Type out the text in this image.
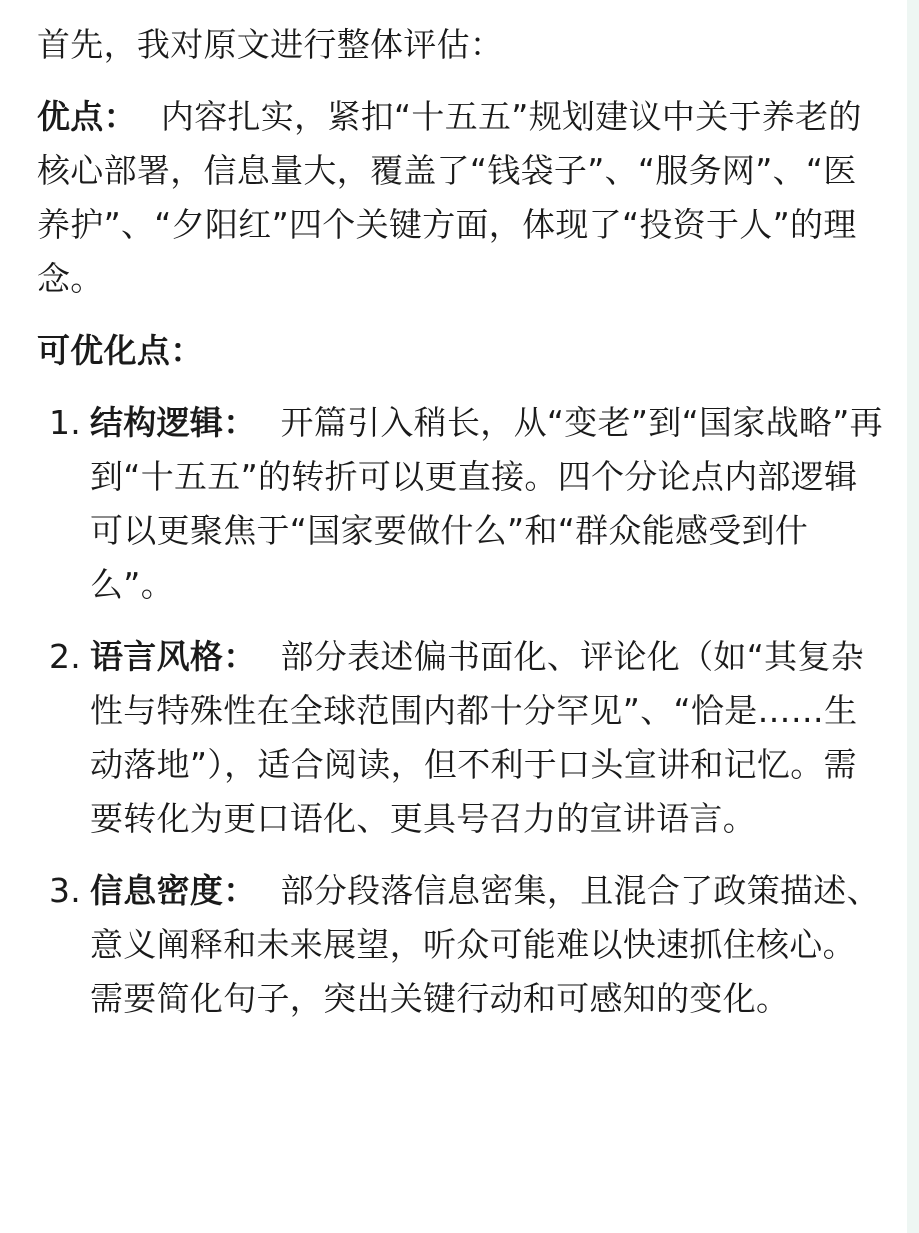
首先，我对原文进行整体评估：

优点： 内容扎实，紧扣“十五五”规划建议中关于养老的核心部署，信息量大，覆盖了“钱袋子”、“服务网”、“医养护”、“夕阳红”四个关键方面，体现了“投资于人”的理念。

可优化点：

1. 结构逻辑： 开篇引入稍长，从“变老”到“国家战略”再到“十五五”的转折可以更直接。四个分论点内部逻辑可以更聚焦于“国家要做什么”和“群众能感受到什么”。
2. 语言风格： 部分表述偏书面化、评论化（如“其复杂性与特殊性在全球范围内都十分罕见”、“恰是……生动落地”），适合阅读，但不利于口头宣讲和记忆。需要转化为更口语化、更具号召力的宣讲语言。
3. 信息密度： 部分段落信息密集，且混合了政策描述、意义阐释和未来展望，听众可能难以快速抓住核心。需要简化句子，突出关键行动和可感知的变化。
